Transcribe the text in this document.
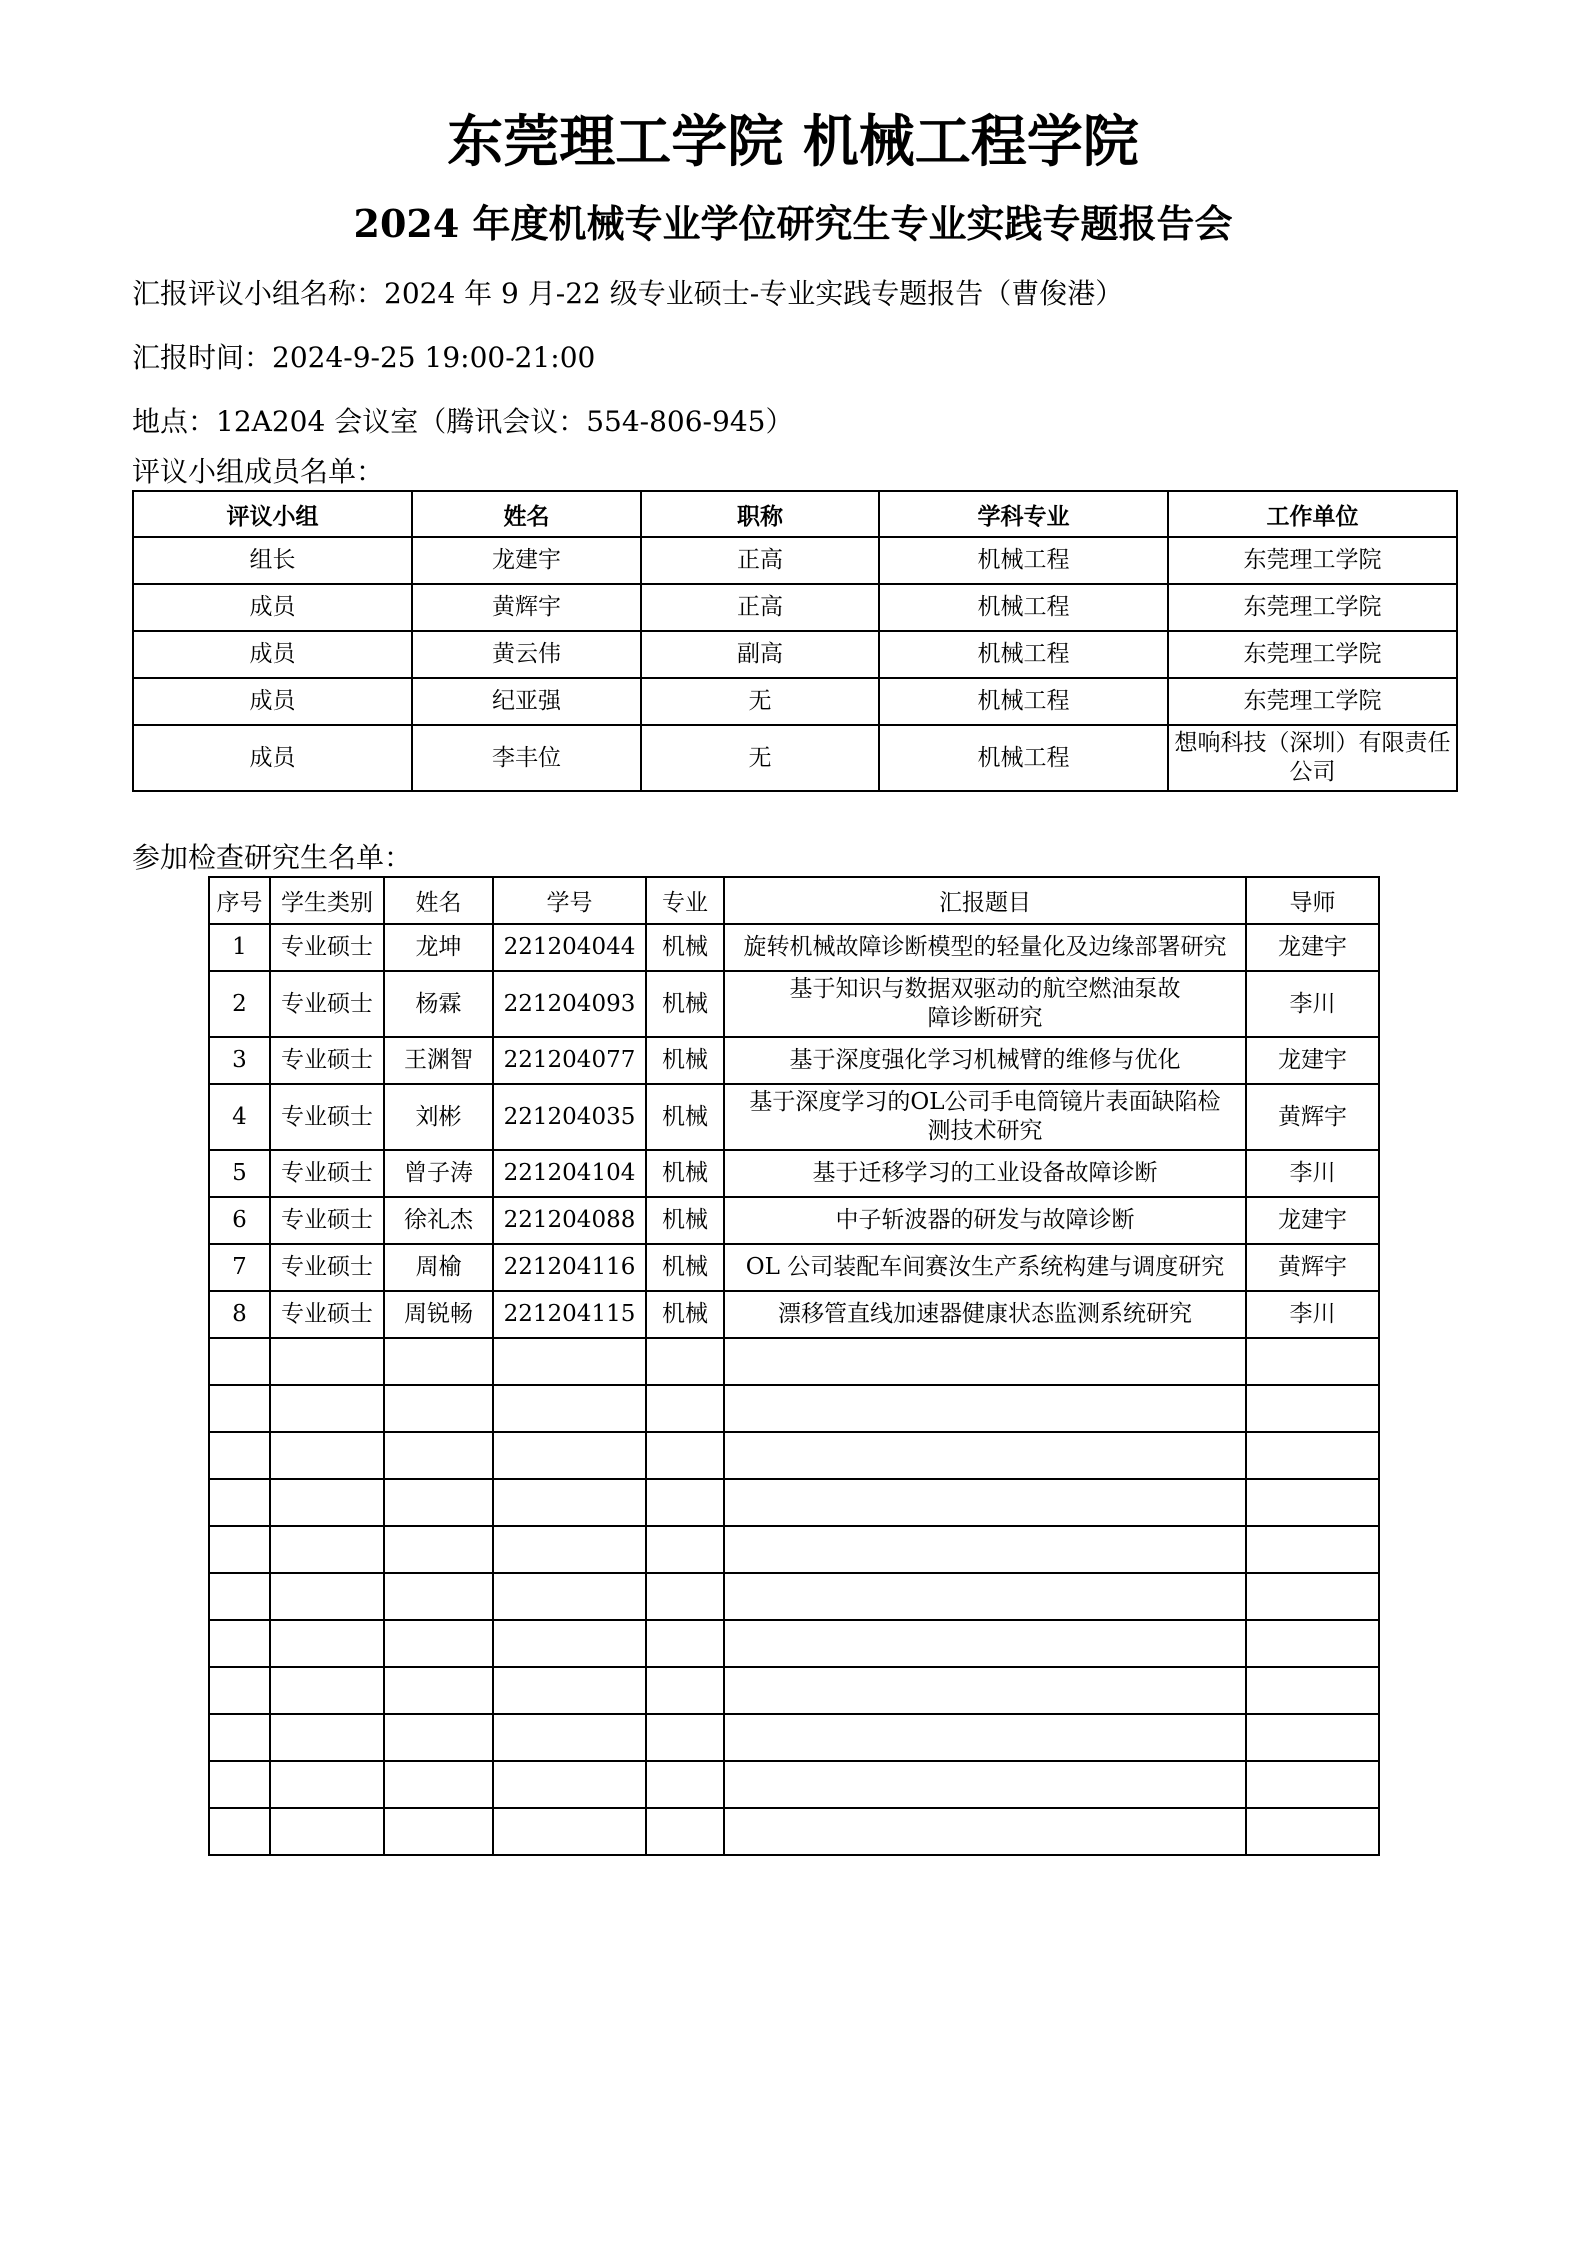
东莞理工学院 机械工程学院
2024 年度机械专业学位研究生专业实践专题报告会
汇报评议小组名称：2024 年 9 月-22 级专业硕士-专业实践专题报告（曹俊港）
汇报时间：2024-9-25 19:00-21:00
地点：12A204 会议室（腾讯会议：554-806-945）
评议小组成员名单：
评议小组	姓名	职称	学科专业	工作单位
组长	龙建宇	正高	机械工程	东莞理工学院
成员	黄辉宇	正高	机械工程	东莞理工学院
成员	黄云伟	副高	机械工程	东莞理工学院
成员	纪亚强	无	机械工程	东莞理工学院
成员	李丰位	无	机械工程	想响科技（深圳）有限责任公司
参加检查研究生名单：
序号	学生类别	姓名	学号	专业	汇报题目	导师
1	专业硕士	龙坤	221204044	机械	旋转机械故障诊断模型的轻量化及边缘部署研究	龙建宇
2	专业硕士	杨霖	221204093	机械	基于知识与数据双驱动的航空燃油泵故障诊断研究	李川
3	专业硕士	王渊智	221204077	机械	基于深度强化学习机械臂的维修与优化	龙建宇
4	专业硕士	刘彬	221204035	机械	基于深度学习的OL公司手电筒镜片表面缺陷检测技术研究	黄辉宇
5	专业硕士	曾子涛	221204104	机械	基于迁移学习的工业设备故障诊断	李川
6	专业硕士	徐礼杰	221204088	机械	中子斩波器的研发与故障诊断	龙建宇
7	专业硕士	周榆	221204116	机械	OL 公司装配车间赛汝生产系统构建与调度研究	黄辉宇
8	专业硕士	周锐畅	221204115	机械	漂移管直线加速器健康状态监测系统研究	李川
